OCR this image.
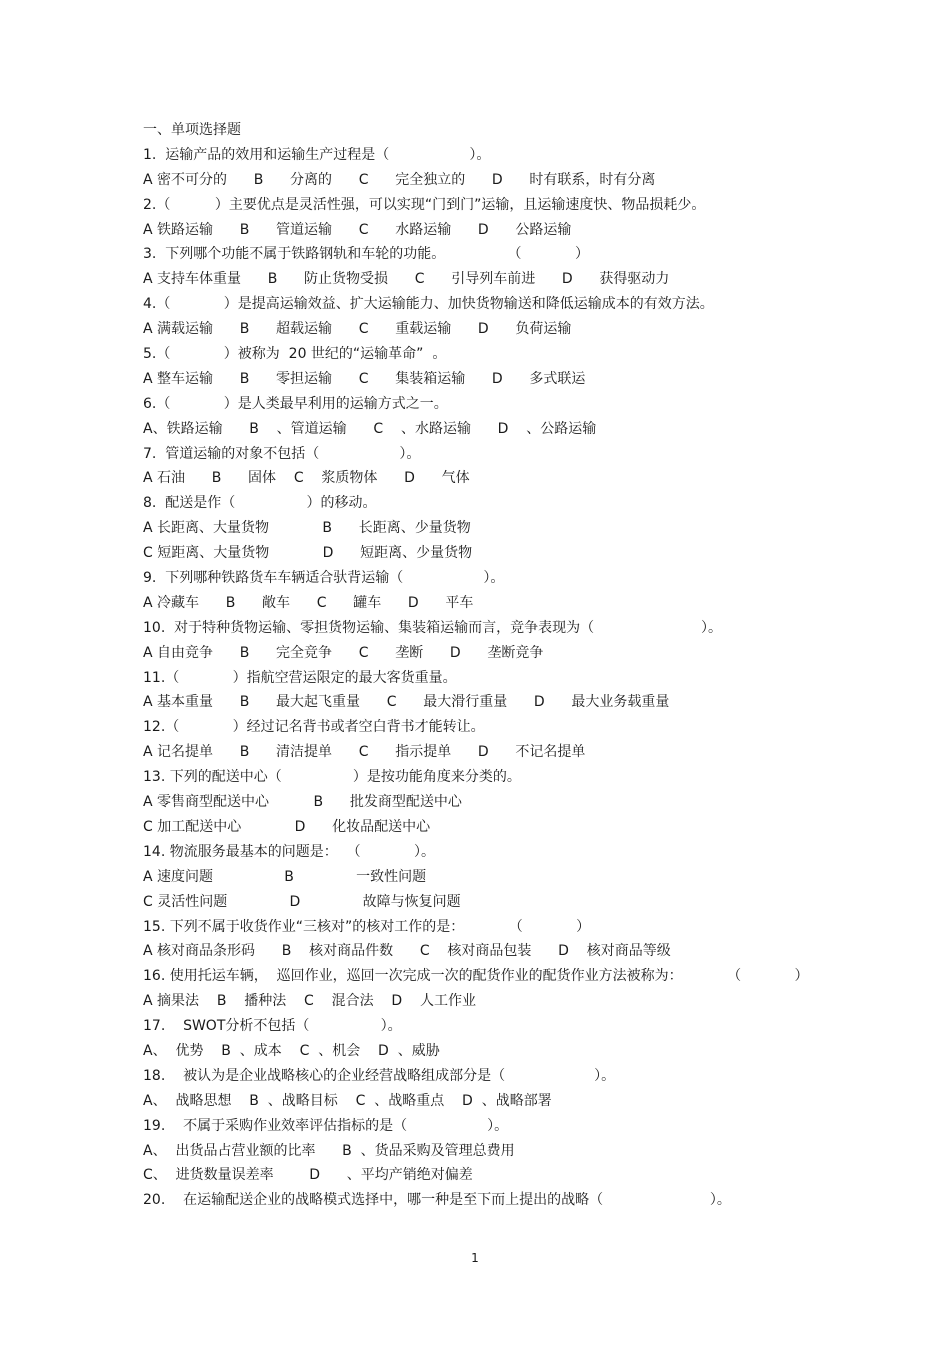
一、单项选择题
1.  运输产品的效用和运输生产过程是（                  ）。
A 密不可分的      B      分离的      C      完全独立的      D      时有联系，时有分离
2.（          ）主要优点是灵活性强，可以实现“门到门”运输，且运输速度快、物品损耗少。
A 铁路运输      B      管道运输      C      水路运输      D      公路运输
3.  下列哪个功能不属于铁路钢轨和车轮的功能。              （            ）
A 支持车体重量      B      防止货物受损      C      引导列车前进      D      获得驱动力
4.（            ）是提高运输效益、扩大运输能力、加快货物输送和降低运输成本的有效方法。
A 满载运输      B      超载运输      C      重载运输      D      负荷运输
5.（            ）被称为  20 世纪的“运输革命”  。
A 整车运输      B      零担运输      C      集装箱运输      D      多式联运
6.（            ）是人类最早利用的运输方式之一。
A、铁路运输      B    、管道运输      C    、水路运输      D    、公路运输
7.  管道运输的对象不包括（                  ）。
A 石油      B      固体    C    浆质物体      D      气体
8.  配送是作（                ）的移动。
A 长距离、大量货物            B      长距离、少量货物
C 短距离、大量货物            D      短距离、少量货物
9.  下列哪种铁路货车车辆适合驮背运输（                  ）。
A 冷藏车      B      敞车      C      罐车      D      平车
10.  对于特种货物运输、零担货物运输、集装箱运输而言，竞争表现为（                        ）。
A 自由竞争      B      完全竞争      C      垄断      D      垄断竞争
11.（            ）指航空营运限定的最大客货重量。
A 基本重量      B      最大起飞重量      C      最大滑行重量      D      最大业务载重量
12.（            ）经过记名背书或者空白背书才能转让。
A 记名提单      B      清洁提单      C      指示提单      D      不记名提单
13. 下列的配送中心（                ）是按功能角度来分类的。
A 零售商型配送中心          B      批发商型配送中心
C 加工配送中心            D      化妆品配送中心
14. 物流服务最基本的问题是：  （            ）。
A 速度问题                B              一致性问题
C 灵活性问题              D              故障与恢复问题
15. 下列不属于收货作业“三核对”的核对工作的是：          （            ）
A 核对商品条形码      B    核对商品件数      C    核对商品包装      D    核对商品等级
16. 使用托运车辆，  巡回作业，巡回一次完成一次的配货作业的配货作业方法被称为：          （            ）
A 摘果法    B    播种法    C    混合法    D    人工作业
17.    SWOT分析不包括（                ）。
A、  优势    B  、成本    C  、机会    D  、威胁
18.    被认为是企业战略核心的企业经营战略组成部分是（                    ）。
A、  战略思想    B  、战略目标    C  、战略重点    D  、战略部署
19.    不属于采购作业效率评估指标的是（                  ）。
A、  出货品占营业额的比率      B  、货品采购及管理总费用
C、  进货数量误差率        D      、平均产销绝对偏差
20.    在运输配送企业的战略模式选择中，哪一种是至下而上提出的战略（                        ）。
1
